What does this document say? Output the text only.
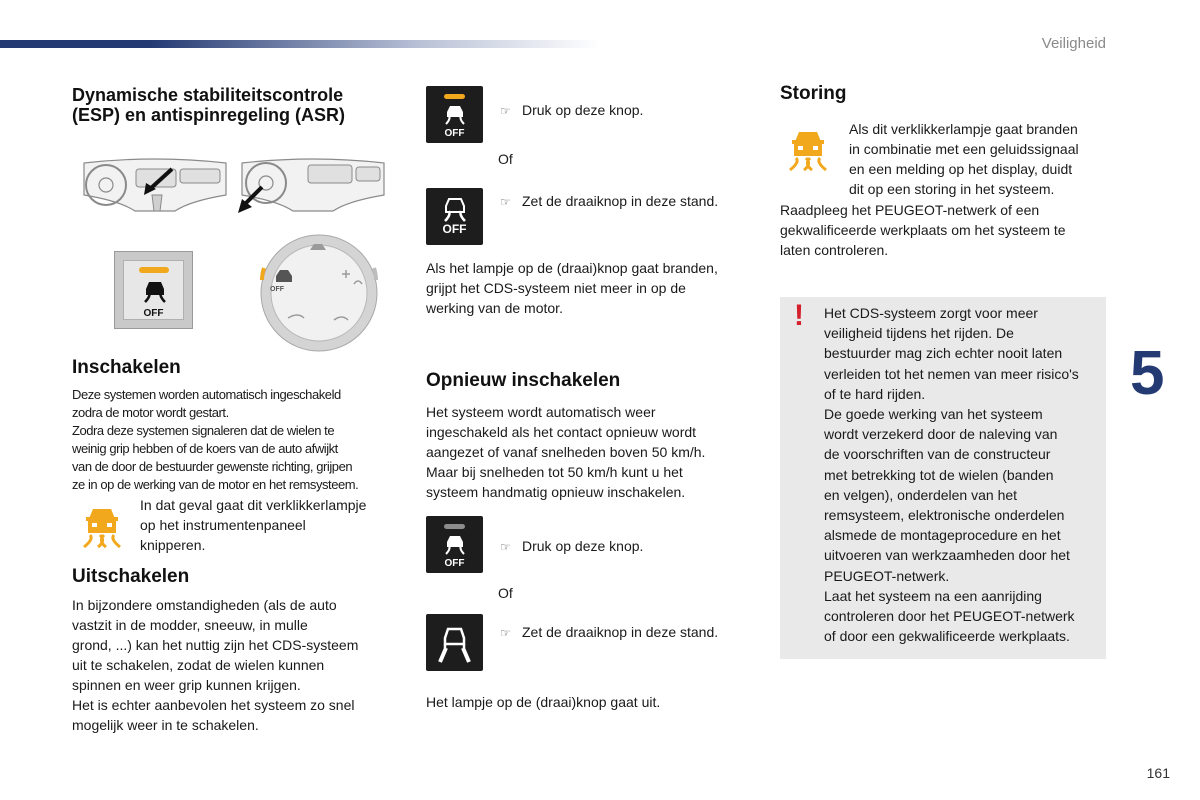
Veiligheid
5
161
Dynamische stabiliteitscontrole
(ESP) en antispinregeling (ASR)
OFF
OFF
Inschakelen
Deze systemen worden automatisch ingeschakeld
zodra de motor wordt gestart.
Zodra deze systemen signaleren dat de wielen te
weinig grip hebben of de koers van de auto afwijkt
van de door de bestuurder gewenste richting, grijpen
ze in op de werking van de motor en het remsysteem.
In dat geval gaat dit verklikkerlampje
op het instrumentenpaneel
knipperen.
Uitschakelen
In bijzondere omstandigheden (als de auto
vastzit in de modder, sneeuw, in mulle
grond, ...) kan het nuttig zijn het CDS-systeem
uit te schakelen, zodat de wielen kunnen
spinnen en weer grip kunnen krijgen.
Het is echter aanbevolen het systeem zo snel
mogelijk weer in te schakelen.
OFF
☞ Druk op deze knop.
Of
OFF
☞ Zet de draaiknop in deze stand.
Als het lampje op de (draai)knop gaat branden,
grijpt het CDS-systeem niet meer in op de
werking van de motor.
Opnieuw inschakelen
Het systeem wordt automatisch weer
ingeschakeld als het contact opnieuw wordt
aangezet of vanaf snelheden boven 50 km/h.
Maar bij snelheden tot 50 km/h kunt u het
systeem handmatig opnieuw inschakelen.
OFF
☞ Druk op deze knop.
Of
☞ Zet de draaiknop in deze stand.
Het lampje op de (draai)knop gaat uit.
Storing
Als dit verklikkerlampje gaat branden
in combinatie met een geluidssignaal
en een melding op het display, duidt
dit op een storing in het systeem.
Raadpleeg het PEUGEOT-netwerk of een
gekwalificeerde werkplaats om het systeem te
laten controleren.
! Het CDS-systeem zorgt voor meer
veiligheid tijdens het rijden. De
bestuurder mag zich echter nooit laten
verleiden tot het nemen van meer risico's
of te hard rijden.
De goede werking van het systeem
wordt verzekerd door de naleving van
de voorschriften van de constructeur
met betrekking tot de wielen (banden
en velgen), onderdelen van het
remsysteem, elektronische onderdelen
alsmede de montageprocedure en het
uitvoeren van werkzaamheden door het
PEUGEOT-netwerk.
Laat het systeem na een aanrijding
controleren door het PEUGEOT-netwerk
of door een gekwalificeerde werkplaats.
